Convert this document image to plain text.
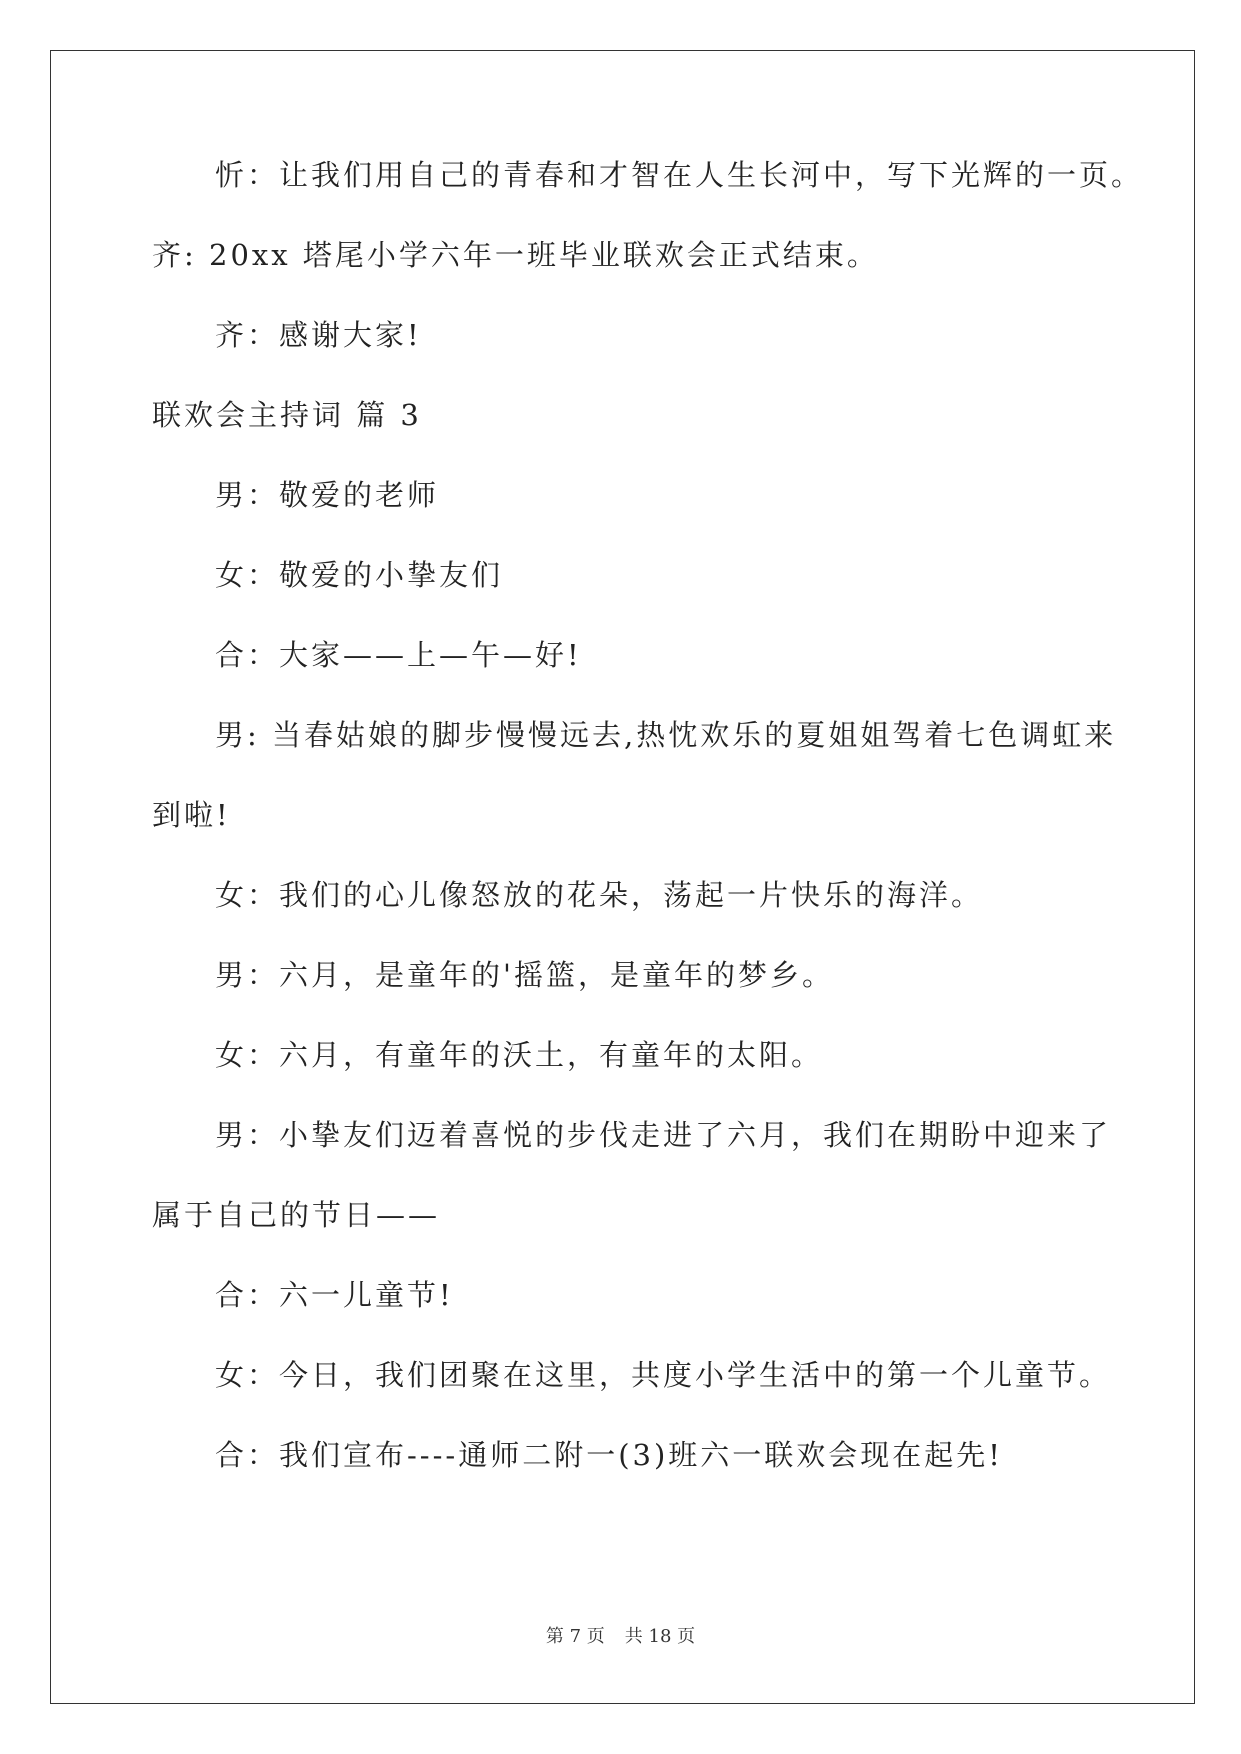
忻：让我们用自己的青春和才智在人生长河中，写下光辉的一页。
齐: 20xx 塔尾小学六年一班毕业联欢会正式结束。
齐：感谢大家!
联欢会主持词 篇 3
男：敬爱的老师
女：敬爱的小挚友们
合：大家——上—午—好!
男: 当春姑娘的脚步慢慢远去,热忱欢乐的夏姐姐驾着七色调虹来
到啦!
女：我们的心儿像怒放的花朵，荡起一片快乐的海洋。
男：六月，是童年的'摇篮，是童年的梦乡。
女：六月，有童年的沃土，有童年的太阳。
男：小挚友们迈着喜悦的步伐走进了六月，我们在期盼中迎来了
属于自己的节日——
合：六一儿童节!
女：今日，我们团聚在这里，共度小学生活中的第一个儿童节。
合：我们宣布----通师二附一(3)班六一联欢会现在起先!
第 7 页 共 18 页
